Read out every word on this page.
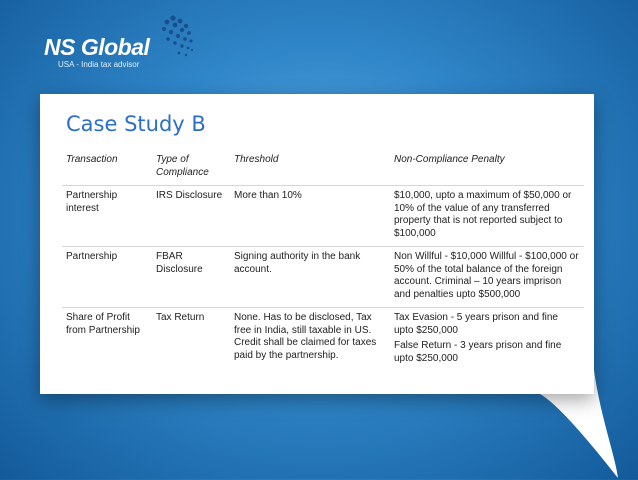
NS Global
USA - India tax advisor
Case Study B
Transaction	Type of Compliance	Threshold	Non-Compliance Penalty
Partnership interest	IRS Disclosure	More than 10%	$10,000, upto a maximum of $50,000 or 10% of the value of any transferred property that is not reported subject to $100,000

Partnership	FBAR Disclosure	Signing authority in the bank account.	Non Willful - $10,000 Willful - $100,000 or 50% of the total balance of the foreign account. Criminal – 10 years imprison and penalties upto $500,000

Share of Profit from Partnership	Tax Return	None. Has to be disclosed, Tax free in India, still taxable in US. Credit shall be claimed for taxes paid by the partnership.	Tax Evasion - 5 years prison and fine upto $250,000
False Return - 3 years prison and fine upto $250,000
